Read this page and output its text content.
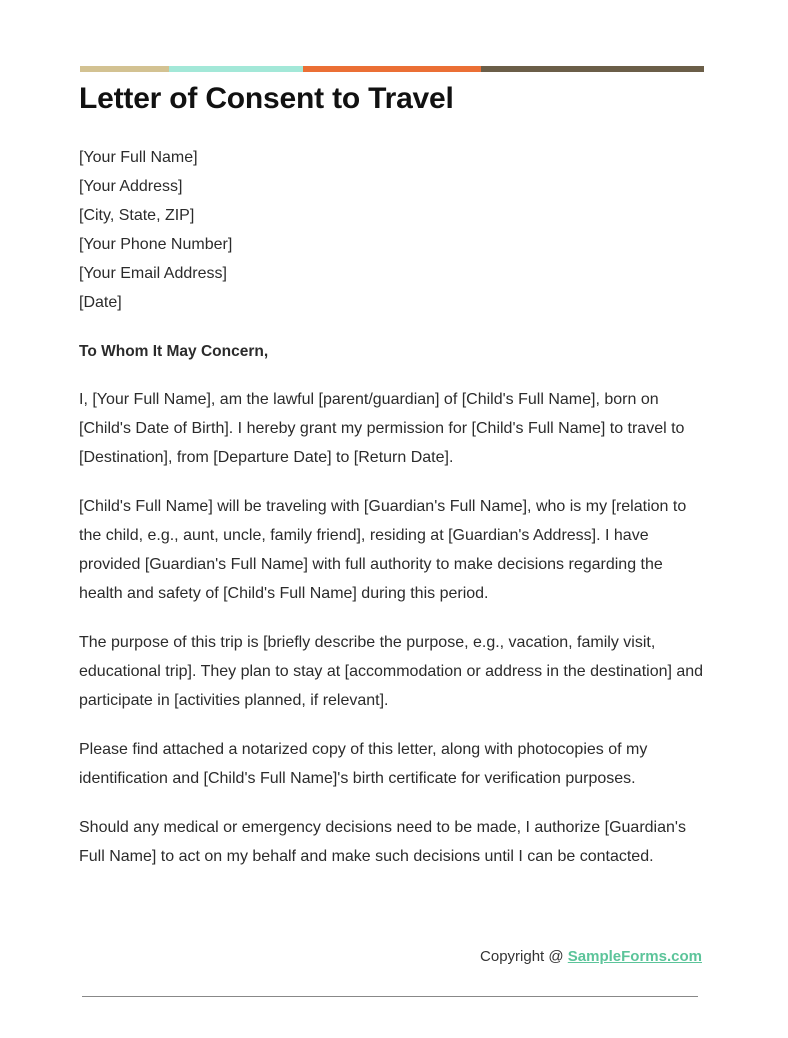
Letter of Consent to Travel
[Your Full Name]
[Your Address]
[City, State, ZIP]
[Your Phone Number]
[Your Email Address]
[Date]
To Whom It May Concern,

I, [Your Full Name], am the lawful [parent/guardian] of [Child's Full Name], born on [Child's Date of Birth]. I hereby grant my permission for [Child's Full Name] to travel to [Destination], from [Departure Date] to [Return Date].

[Child's Full Name] will be traveling with [Guardian's Full Name], who is my [relation to the child, e.g., aunt, uncle, family friend], residing at [Guardian's Address]. I have provided [Guardian's Full Name] with full authority to make decisions regarding the health and safety of [Child's Full Name] during this period.

The purpose of this trip is [briefly describe the purpose, e.g., vacation, family visit, educational trip]. They plan to stay at [accommodation or address in the destination] and participate in [activities planned, if relevant].

Please find attached a notarized copy of this letter, along with photocopies of my identification and [Child's Full Name]'s birth certificate for verification purposes.

Should any medical or emergency decisions need to be made, I authorize [Guardian's Full Name] to act on my behalf and make such decisions until I can be contacted.

Copyright @ SampleForms.com
